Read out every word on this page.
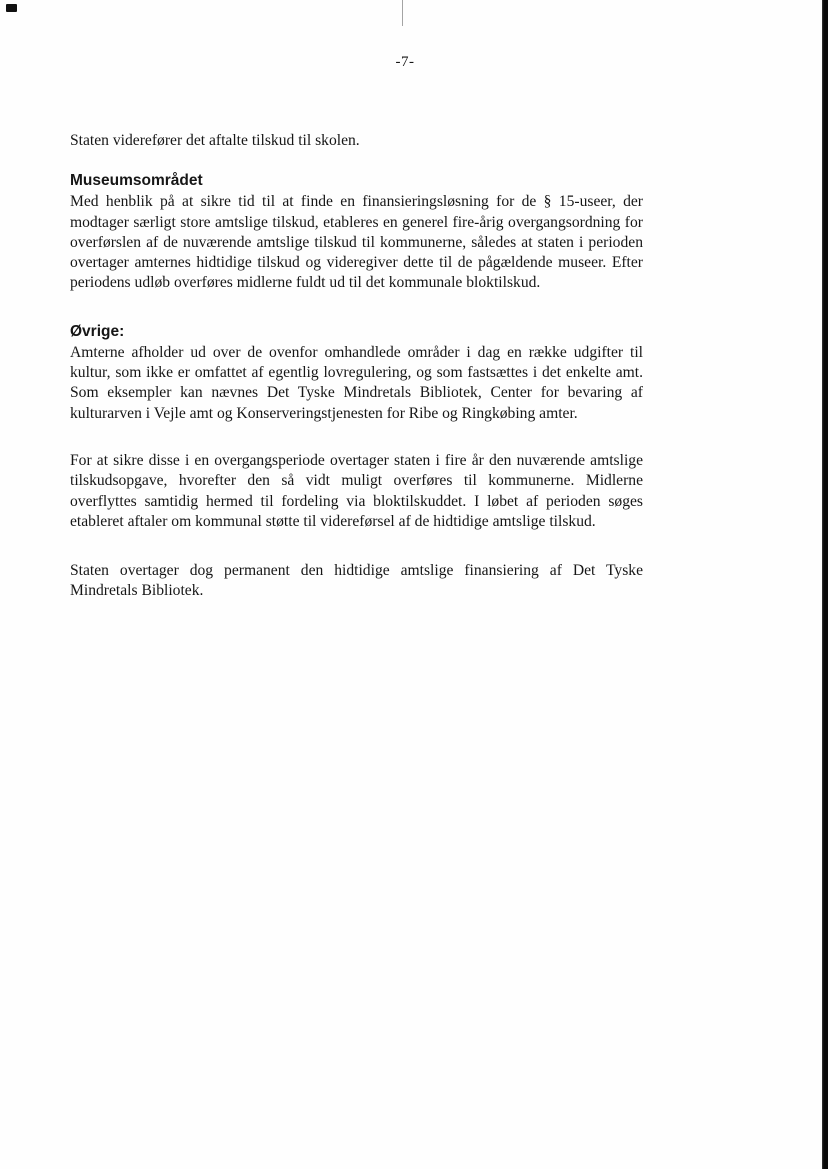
-7-

Staten viderefører det aftalte tilskud til skolen.

Museumsområdet

Med henblik på at sikre tid til at finde en finansieringsløsning for de § 15-useer, der modtager særligt store amtslige tilskud, etableres en generel fire-årig overgangsordning for overførslen af de nuværende amtslige tilskud til kommunerne, således at staten i perioden overtager amternes hidtidige tilskud og videregiver dette til de pågældende museer. Efter periodens udløb overføres midlerne fuldt ud til det kommunale bloktilskud.

Øvrige:

Amterne afholder ud over de ovenfor omhandlede områder i dag en række udgifter til kultur, som ikke er omfattet af egentlig lovregulering, og som fastsættes i det enkelte amt. Som eksempler kan nævnes Det Tyske Mindretals Bibliotek, Center for bevaring af kulturarven i Vejle amt og Konserveringstjenesten for Ribe og Ringkøbing amter.

For at sikre disse i en overgangsperiode overtager staten i fire år den nuværende amtslige tilskudsopgave, hvorefter den så vidt muligt overføres til kommunerne. Midlerne overflyttes samtidig hermed til fordeling via bloktilskuddet. I løbet af perioden søges etableret aftaler om kommunal støtte til videreførsel af de hidtidige amtslige tilskud.

Staten overtager dog permanent den hidtidige amtslige finansiering af Det Tyske Mindretals Bibliotek.
